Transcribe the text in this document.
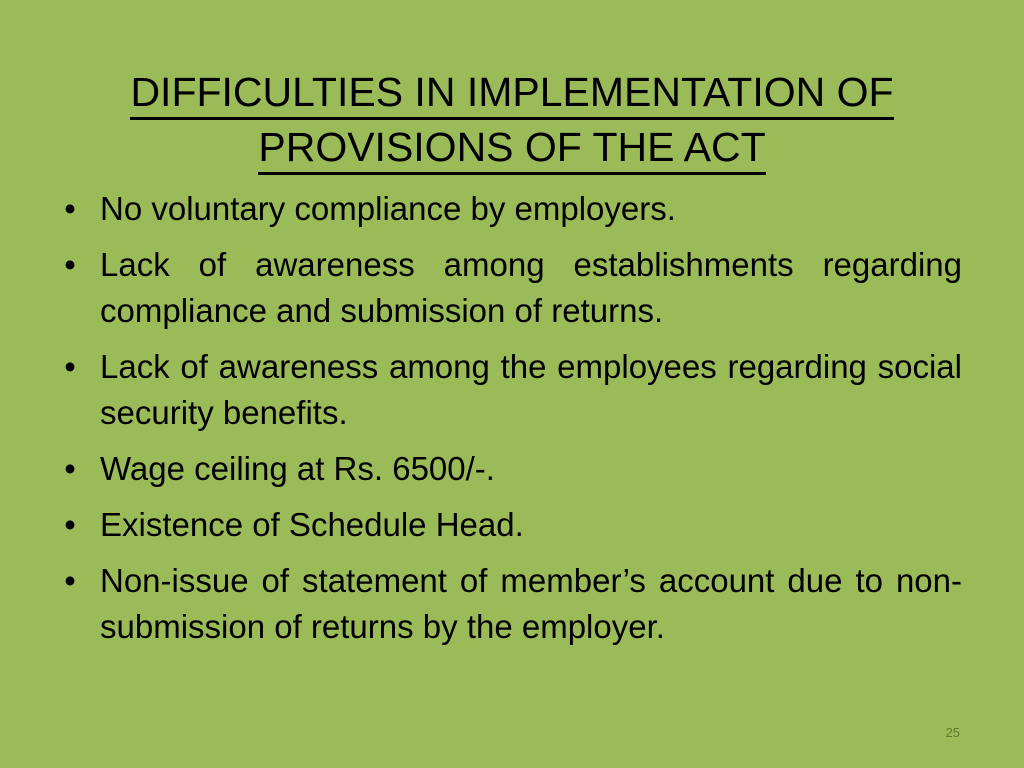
DIFFICULTIES IN IMPLEMENTATION OF
PROVISIONS OF THE ACT
• No voluntary compliance by employers.
• Lack of awareness among establishments regarding compliance and submission of returns.
• Lack of awareness among the employees regarding social security benefits.
• Wage ceiling at Rs. 6500/-.
• Existence of Schedule Head.
• Non-issue of statement of member’s account due to non-submission of returns by the employer.
25
